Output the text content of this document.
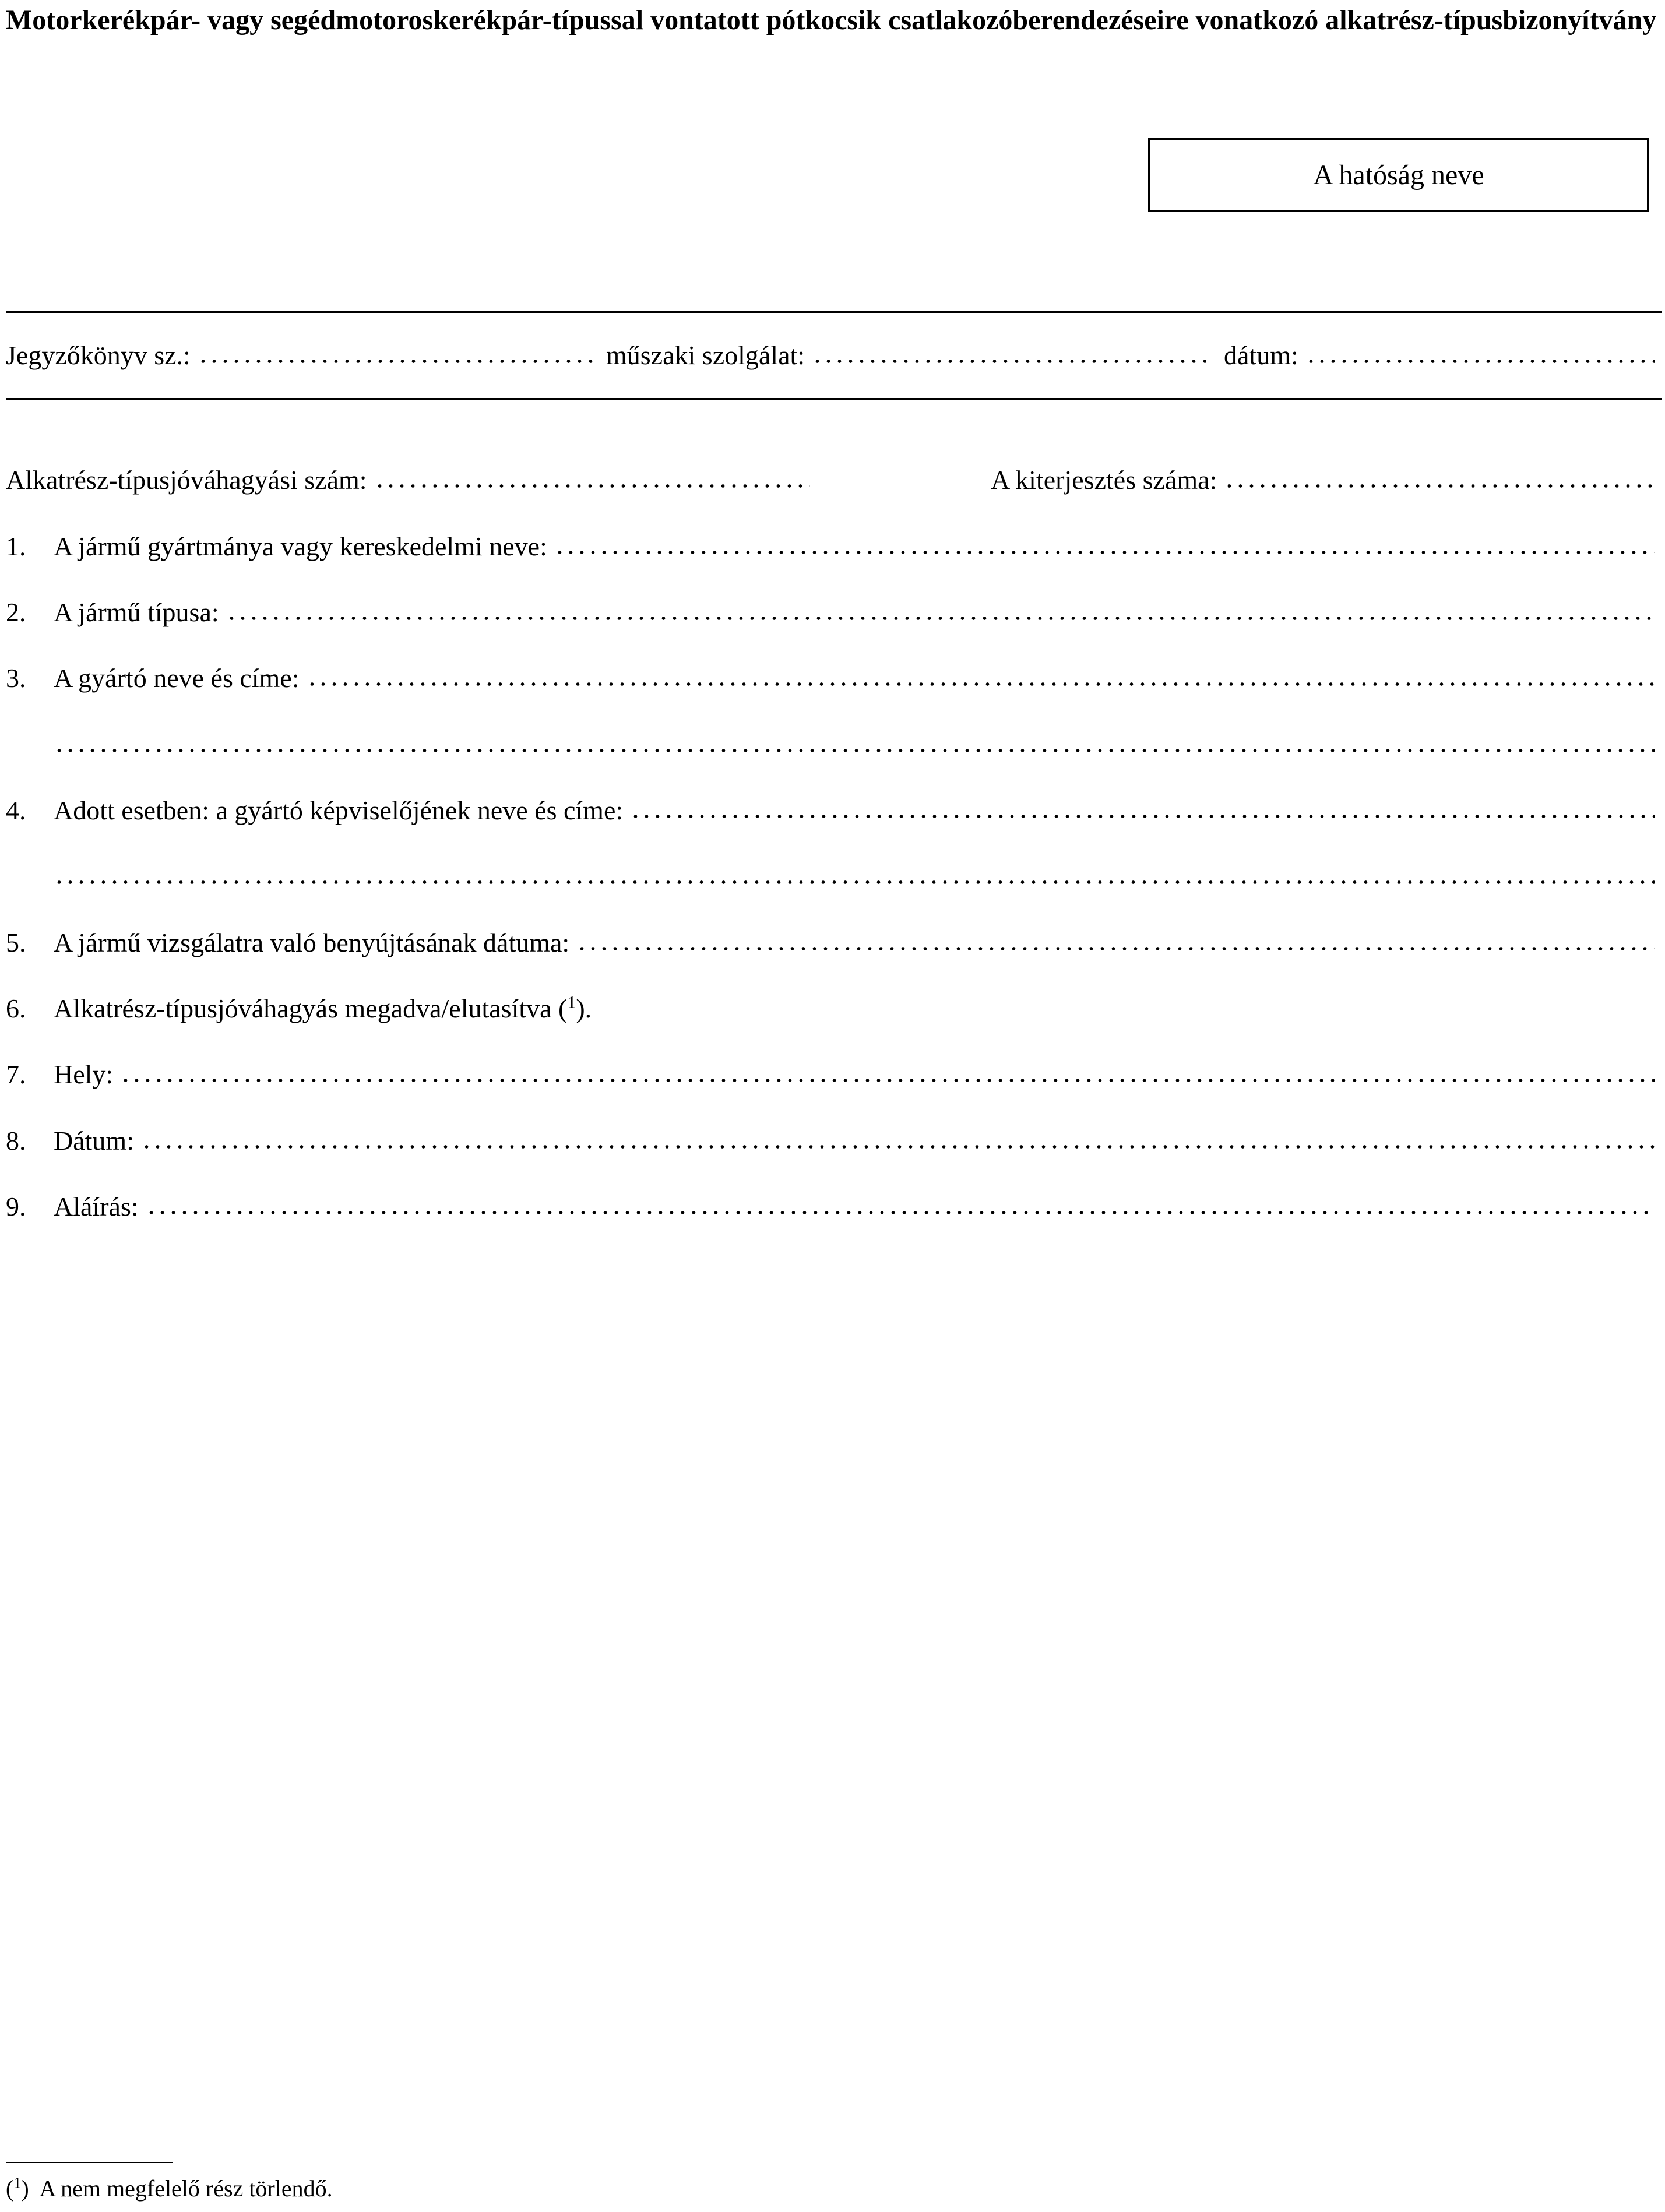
Motorkerékpár- vagy segédmotoroskerékpár-típussal vontatott pótkocsik csatlakozóberendezéseire vonatkozó alkatrész-típusbizonyítvány
A hatóság neve
Jegyzőkönyv sz.:	műszaki szolgálat:	dátum:
Alkatrész-típusjóváhagyási szám:	A kiterjesztés száma:
1.	A jármű gyártmánya vagy kereskedelmi neve:
2.	A jármű típusa:
3.	A gyártó neve és címe:
4.	Adott esetben: a gyártó képviselőjének neve és címe:
5.	A jármű vizsgálatra való benyújtásának dátuma:
6.	Alkatrész-típusjóváhagyás megadva/elutasítva ($^1$).
7.	Hely:
8.	Dátum:
9.	Aláírás:
($^1$) A nem megfelelő rész törlendő.
